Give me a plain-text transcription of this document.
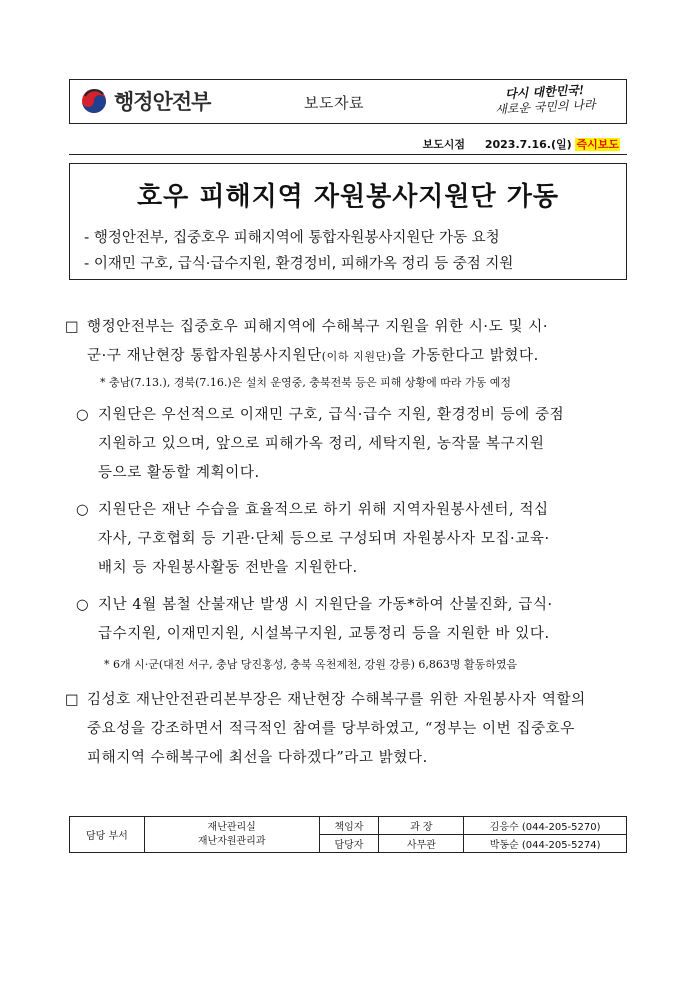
행정안전부	보도자료
다시 대한민국!
새로운 국민의 나라
보도시점 2023.7.16.(일) 즉시보도
호우 피해지역 자원봉사지원단 가동
- 행정안전부, 집중호우 피해지역에 통합자원봉사지원단 가동 요청
- 이재민 구호, 급식·급수지원, 환경정비, 피해가옥 정리 등 중점 지원
□ 행정안전부는 집중호우 피해지역에 수해복구 지원을 위한 시·도 및 시·
군·구 재난현장 통합자원봉사지원단(이하 지원단)을 가동한다고 밝혔다.
* 충남(7.13.), 경북(7.16.)은 설치 운영중, 충북전북 등은 피해 상황에 따라 가동 예정
○ 지원단은 우선적으로 이재민 구호, 급식·급수 지원, 환경정비 등에 중점
지원하고 있으며, 앞으로 피해가옥 정리, 세탁지원, 농작물 복구지원
등으로 활동할 계획이다.
○ 지원단은 재난 수습을 효율적으로 하기 위해 지역자원봉사센터, 적십
자사, 구호협회 등 기관·단체 등으로 구성되며 자원봉사자 모집·교육·
배치 등 자원봉사활동 전반을 지원한다.
○ 지난 4월 봄철 산불재난 발생 시 지원단을 가동*하여 산불진화, 급식·
급수지원, 이재민지원, 시설복구지원, 교통정리 등을 지원한 바 있다.
* 6개 시·군(대전 서구, 충남 당진홍성, 충북 옥천제천, 강원 강릉) 6,863명 활동하였음
□ 김성호 재난안전관리본부장은 재난현장 수해복구를 위한 자원봉사자 역할의
중요성을 강조하면서 적극적인 참여를 당부하였고, “정부는 이번 집중호우
피해지역 수해복구에 최선을 다하겠다”라고 밝혔다.
담당 부서	재난관리실
재난자원관리과	책임자	과 장	김응수 (044-205-5270)
		담당자	사무관	박동순 (044-205-5274)
